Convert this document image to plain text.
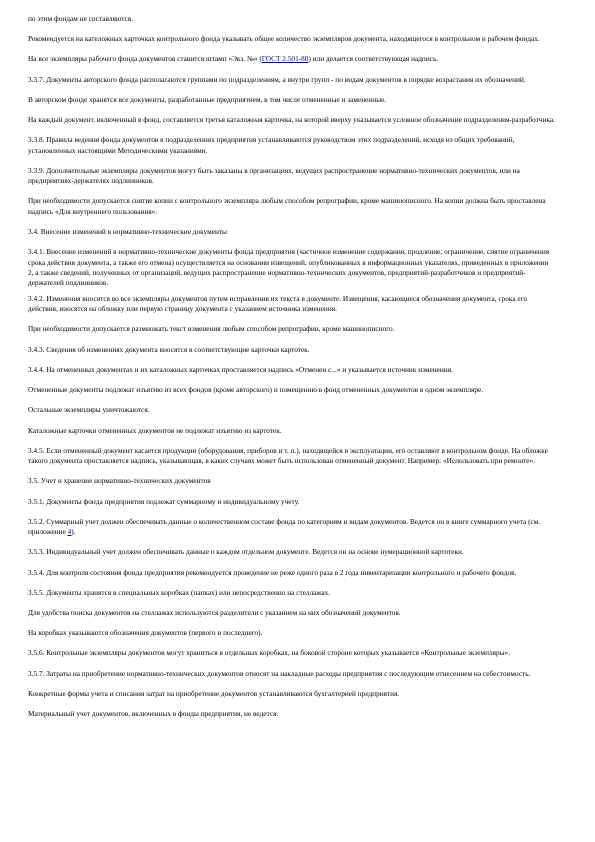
по этим фондам не составляются.

Рекомендуется на катeложных карточках контрольного фонда указывать общее количество экземпляров документа, находящегося в контрольном и рабочем фондах.

На все экземпляры рабочего фонда документов ставится штамп «Экз. №» (ГОСТ 2.501-88) или делается соответствующая надпись.

3.3.7. Документы авторского фонда располагаются группами по подразделениям, а внутри групп - по видам документов в порядке возрастания их обозначений.

В авторском фонде хранятся все документы, разработанные предприятием, в том числе отмененные и замененные.

На каждый документ, включенный в фонд, составляется третья каталожная карточка, на которой вверху указывается условное обозначение подразделения-разработчика.

3.3.8. Правила ведения фонда документов в подразделениях предприятия устанавливаются руководством этих подразделений, исходя из общих требований, установленных настоящими Методическими указаниями.

3.3.9. Дополнительные экземпляры документов могут быть заказаны в организациях, ведущих распространение нормативно-технических документов, или на предприятиях-держателях подлинников.

При необходимости допускается снятие копии с контрольного экземпляра любым способом репрографии, кроме машинописного. На копии должна быть проставлена надпись «Для внутреннего пользования».

3.4. Внесение изменений в нормативно-технические документы

3.4.1. Внесение изменений в нормативно-технические документы фонда предприятия (частичное изменение содержания, продление, ограничение, снятие ограничения срока действия документа, а также его отмена) осуществляется на основании извещений, опубликованных в информационных указателях, приведенных в приложении 2, а также сведений, полученных от организаций, ведущих распространение нормативно-технических документов, предприятий-разработчиков и предприятий-держателей подлинников.

3.4.2. Изменения вносятся во все экземпляры документов путем исправления их текста в документе. Извещения, касающиеся обозначения документа, срока его действия, вносятся на обложку или первую страницу документа с указанием источника изменения.

При необходимости допускается размножать текст изменения любым способом репрографии, кроме машинописного.

3.4.3. Сведения об изменениях документа вносятся в соответствующие карточки картотек.

3.4.4. На отмененных документах и их каталожных карточках проставляется надпись «Отменен с...» и указывается источник изменения.

Отмененные документы подлежат изъятию из всех фондов (кроме авторского) и помещению в фонд отмененных документов в одном экземпляре.

Остальные экземпляры уничтожаются.

Каталожные карточки отмененных документов не подлежат изъятию из картотек.

3.4.5. Если отмененный документ касается продукции (оборудования, приборов и т. п.), находящейся в эксплуатации, его оставляют в контрольном фонде. На обложке такого документа проставляется надпись, указывающая, в каких случаях может быть использован отмененный документ. Например: «Использовать при ремонте».

3.5. Учет и хранение нормативно-технических документов

3.5.1. Документы фонда предприятия подлежат суммарному и индивидуальному учету.

3.5.2. Суммарный учет должен обеспечивать данные о количественном составе фонда по категориям и видам документов. Ведется он в книге суммарного учета (см. приложение 4).

3.5.3. Индивидуальный учет должен обеспечивать данные о каждом отдельном документе. Ведется он на основе нумерационной картотеки.

3.5.4. Для контроля состояния фонда предприятия рекомендуется проведение не реже одного раза в 2 года инвентаризации контрольного и рабочего фондов.

3.5.5. Документы хранятся в специальных коробках (папках) или непосредственно на стеллажах.

Для удобства поиска документов на стеллажах используются разделители с указанием на них обозначений документов.

На коробках указываются обозначения документов (первого и последнего).

3.5.6. Контрольные экземпляры документов могут храниться в отдельных коробках, на боковой стороне которых указывается «Контрольные экземпляры».

3.5.7. Затраты на приобретение нормативно-технических документов относят на накладные расходы предприятия с последующим отнесением на себестоимость.

Конкретные формы учета и списания затрат на приобретение документов устанавливаются бухгалтерией предприятия.

Материальный учет документов, включенных в фонды предприятия, не ведется.
